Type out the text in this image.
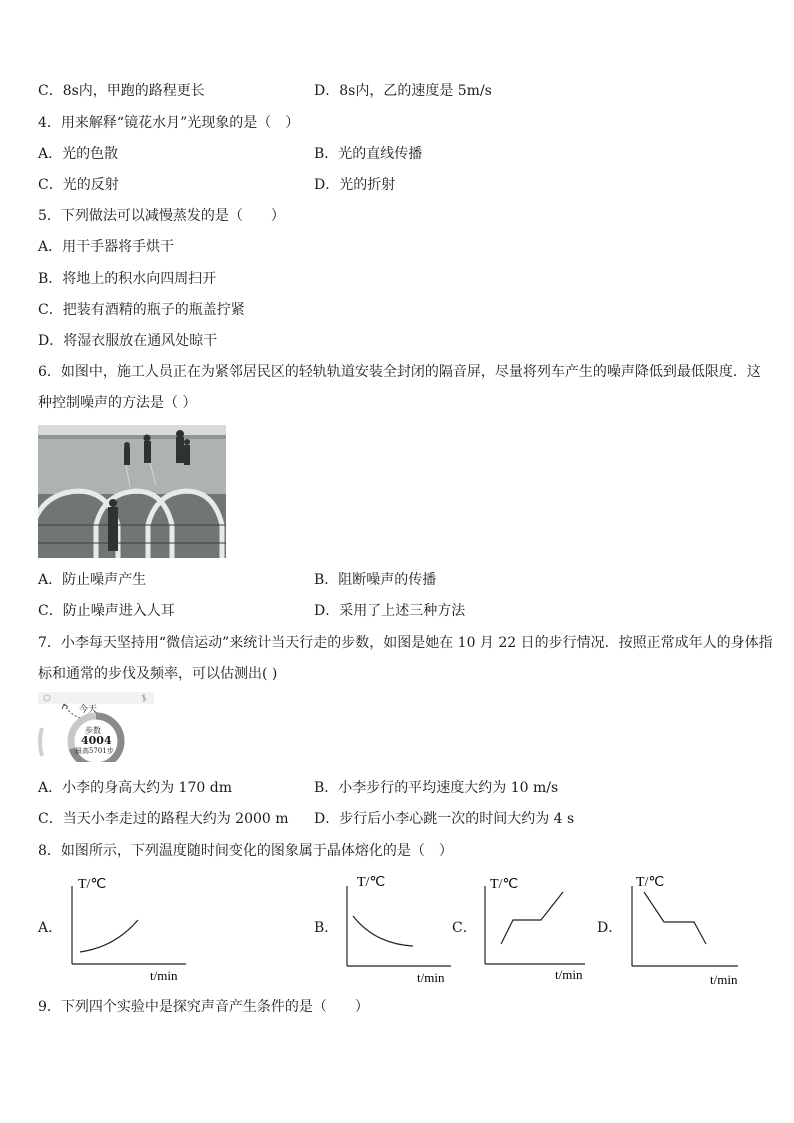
C．8s内，甲跑的路程更长	D．8s内，乙的速度是 5m/s
4．用来解释“镜花水月”光现象的是（　）
A．光的色散	B．光的直线传播
C．光的反射	D．光的折射
5．下列做法可以减慢蒸发的是（　　）
A．用干手器将手烘干
B．将地上的积水向四周扫开
C．把装有酒精的瓶子的瓶盖拧紧
D．将湿衣服放在通风处晾干
6．如图中，施工人员正在为紧邻居民区的轻轨轨道安装全封闭的隔音屏，尽量将列车产生的噪声降低到最低限度．这
种控制噪声的方法是（ ）
A．防止噪声产生	B．阻断噪声的传播
C．防止噪声进入人耳	D．采用了上述三种方法
7．小李每天坚持用“微信运动”来统计当天行走的步数，如图是她在 10 月 22 日的步行情况．按照正常成年人的身体指
标和通常的步伐及频率，可以估测出( )
今天
步数
4004
最高5701步
A．小李的身高大约为 170 dm	B．小李步行的平均速度大约为 10 m/s
C．当天小李走过的路程大约为 2000 m D．步行后小李心跳一次的时间大约为 4 s
8．如图所示，下列温度随时间变化的图象属于晶体熔化的是（　）
A．
T/℃
t/min
B．
T/℃
t/min
C．
T/℃
t/min
D．
T/℃
t/min
9．下列四个实验中是探究声音产生条件的是（　　）
